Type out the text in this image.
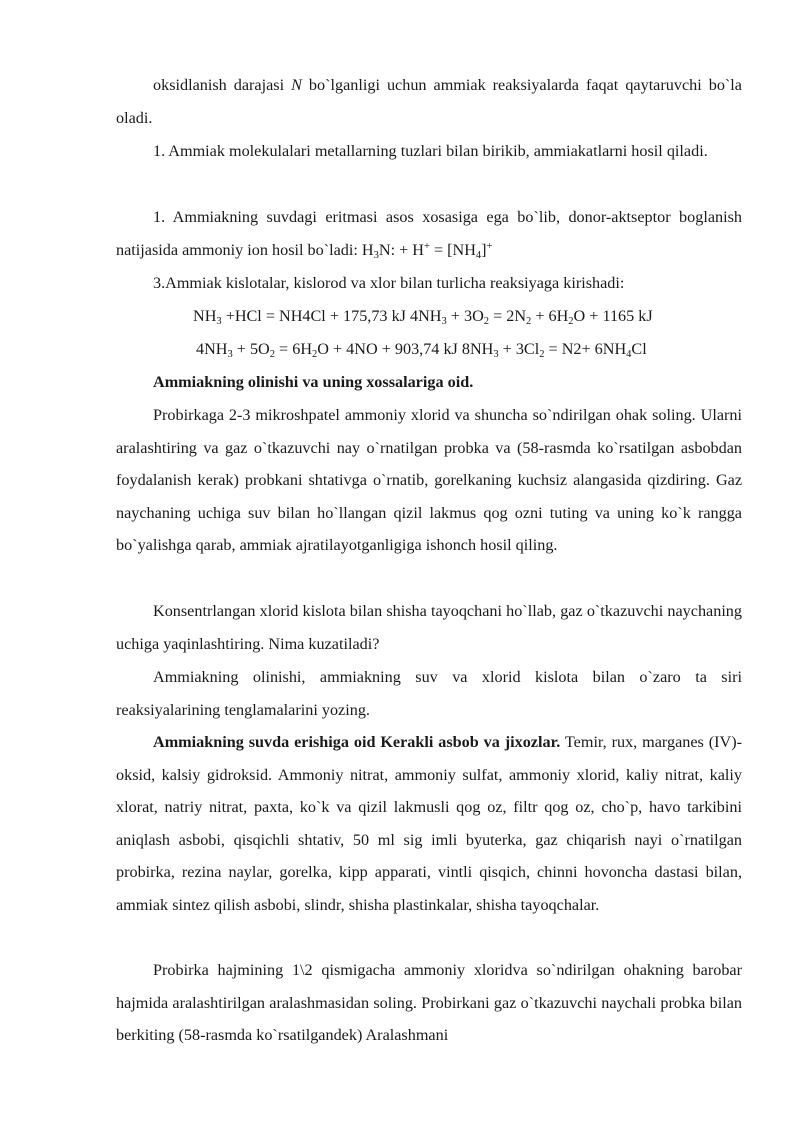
oksidlanish darajasi N bo`lganligi uchun ammiak reaksiyalarda faqat qaytaruvchi bo`la oladi.

1. Ammiak molekulalari metallarning tuzlari bilan birikib, ammiakatlarni hosil qiladi.

1. Ammiakning suvdagi eritmasi asos xosasiga ega bo`lib, donor-aktseptor boglanish natijasida ammoniy ion hosil bo`ladi: $H_3N$: + $H^+ = [NH_4]^+$

3.Ammiak kislotalar, kislorod va xlor bilan turlicha reaksiyaga kirishadi:

$NH_3 +HCl = NH4Cl + 175,73$ kJ $4NH_3 + 3O_2 = 2N_2 + 6H_2O + 1165$ kJ

$4NH_3 + 5O_2 = 6H_2O + 4NO + 903,74$ kJ $8NH_3 + 3Cl_2 = N2+ 6NH_4Cl$

Ammiakning olinishi va uning xossalariga oid.

Probirkaga 2-3 mikroshpatel ammoniy xlorid va shuncha so`ndirilgan ohak soling. Ularni aralashtiring va gaz o`tkazuvchi nay o`rnatilgan probka va (58-rasmda ko`rsatilgan asbobdan foydalanish kerak) probkani shtativga o`rnatib, gorelkaning kuchsiz alangasida qizdiring. Gaz naychaning uchiga suv bilan ho`llangan qizil lakmus qog ozni tuting va uning ko`k rangga bo`yalishga qarab, ammiak ajratilayotganligiga ishonch hosil qiling.

Konsentrlangan xlorid kislota bilan shisha tayoqchani ho`llab, gaz o`tkazuvchi naychaning uchiga yaqinlashtiring. Nima kuzatiladi?

Ammiakning olinishi, ammiakning suv va xlorid kislota bilan o`zaro ta siri reaksiyalarining tenglamalarini yozing.

Ammiakning suvda erishiga oid Kerakli asbob va jixozlar. Temir, rux, marganes (IV)-oksid, kalsiy gidroksid. Ammoniy nitrat, ammoniy sulfat, ammoniy xlorid, kaliy nitrat, kaliy xlorat, natriy nitrat, paxta, ko`k va qizil lakmusli qog oz, filtr qog oz, cho`p, havo tarkibini aniqlash asbobi, qisqichli shtativ, 50 ml sig imli byuterka, gaz chiqarish nayi o`rnatilgan probirka, rezina naylar, gorelka, kipp apparati, vintli qisqich, chinni hovoncha dastasi bilan, ammiak sintez qilish asbobi, slindr, shisha plastinkalar, shisha tayoqchalar.

Probirka hajmining 1\2 qismigacha ammoniy xloridva so`ndirilgan ohakning barobar hajmida aralashtirilgan aralashmasidan soling. Probirkani gaz o`tkazuvchi naychali probka bilan berkiting (58-rasmda ko`rsatilgandek) Aralashmani
